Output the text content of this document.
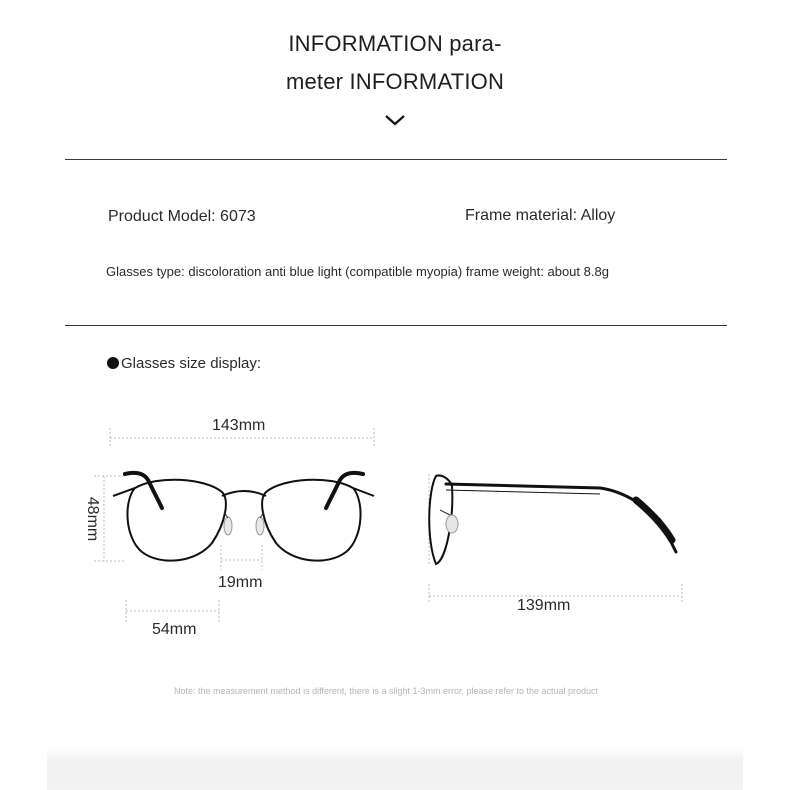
INFORMATION para-
meter INFORMATION
Product Model: 6073	Frame material: Alloy
Glasses type: discoloration anti blue light (compatible myopia) frame weight: about 8.8g
Glasses size display:
143mm
48mm
19mm
54mm
139mm
Note: the measurement method is different, there is a slight 1-3mm error, please refer to the actual product
